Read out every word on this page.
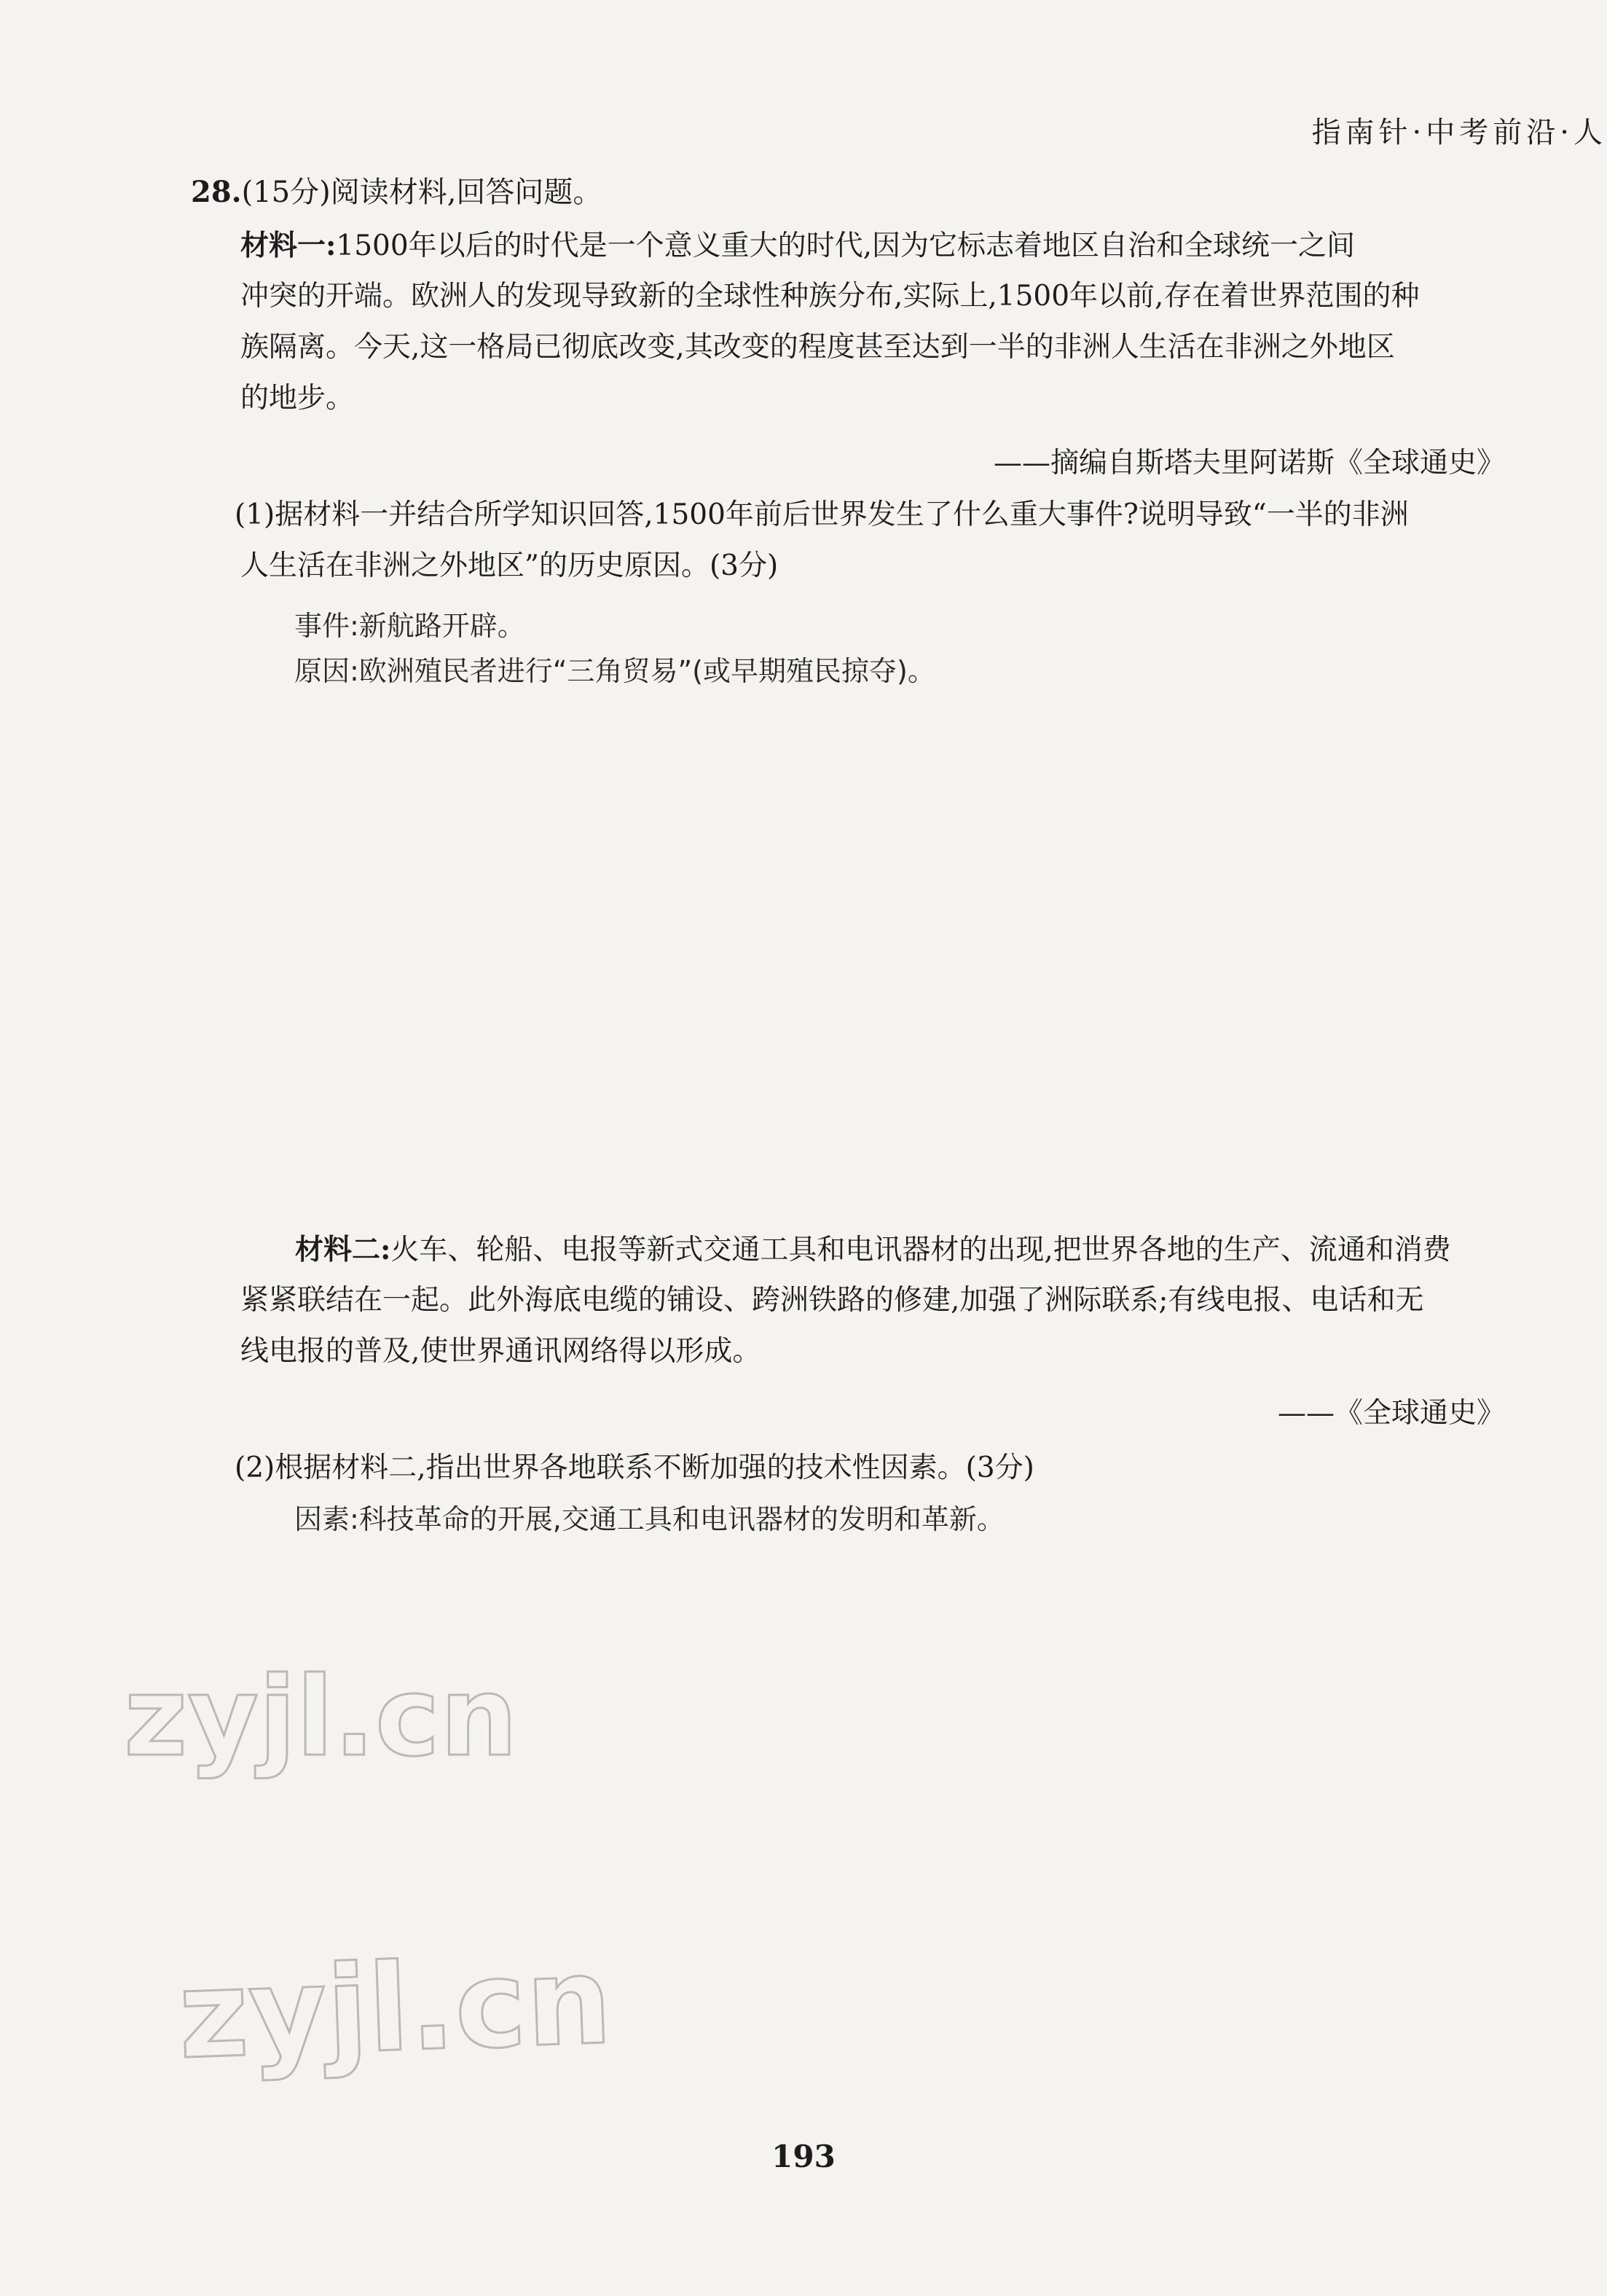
指南针·中考前沿·人
28.(15分)阅读材料,回答问题。
材料一:1500年以后的时代是一个意义重大的时代,因为它标志着地区自治和全球统一之间
冲突的开端。欧洲人的发现导致新的全球性种族分布,实际上,1500年以前,存在着世界范围的种
族隔离。今天,这一格局已彻底改变,其改变的程度甚至达到一半的非洲人生活在非洲之外地区
的地步。
——摘编自斯塔夫里阿诺斯《全球通史》
(1)据材料一并结合所学知识回答,1500年前后世界发生了什么重大事件?说明导致“一半的非洲
人生活在非洲之外地区”的历史原因。(3分)
事件:新航路开辟。
原因:欧洲殖民者进行“三角贸易”(或早期殖民掠夺)。
材料二:火车、轮船、电报等新式交通工具和电讯器材的出现,把世界各地的生产、流通和消费
紧紧联结在一起。此外海底电缆的铺设、跨洲铁路的修建,加强了洲际联系;有线电报、电话和无
线电报的普及,使世界通讯网络得以形成。
——《全球通史》
(2)根据材料二,指出世界各地联系不断加强的技术性因素。(3分)
因素:科技革命的开展,交通工具和电讯器材的发明和革新。
zyjl.cn
zyjl.cn
193
